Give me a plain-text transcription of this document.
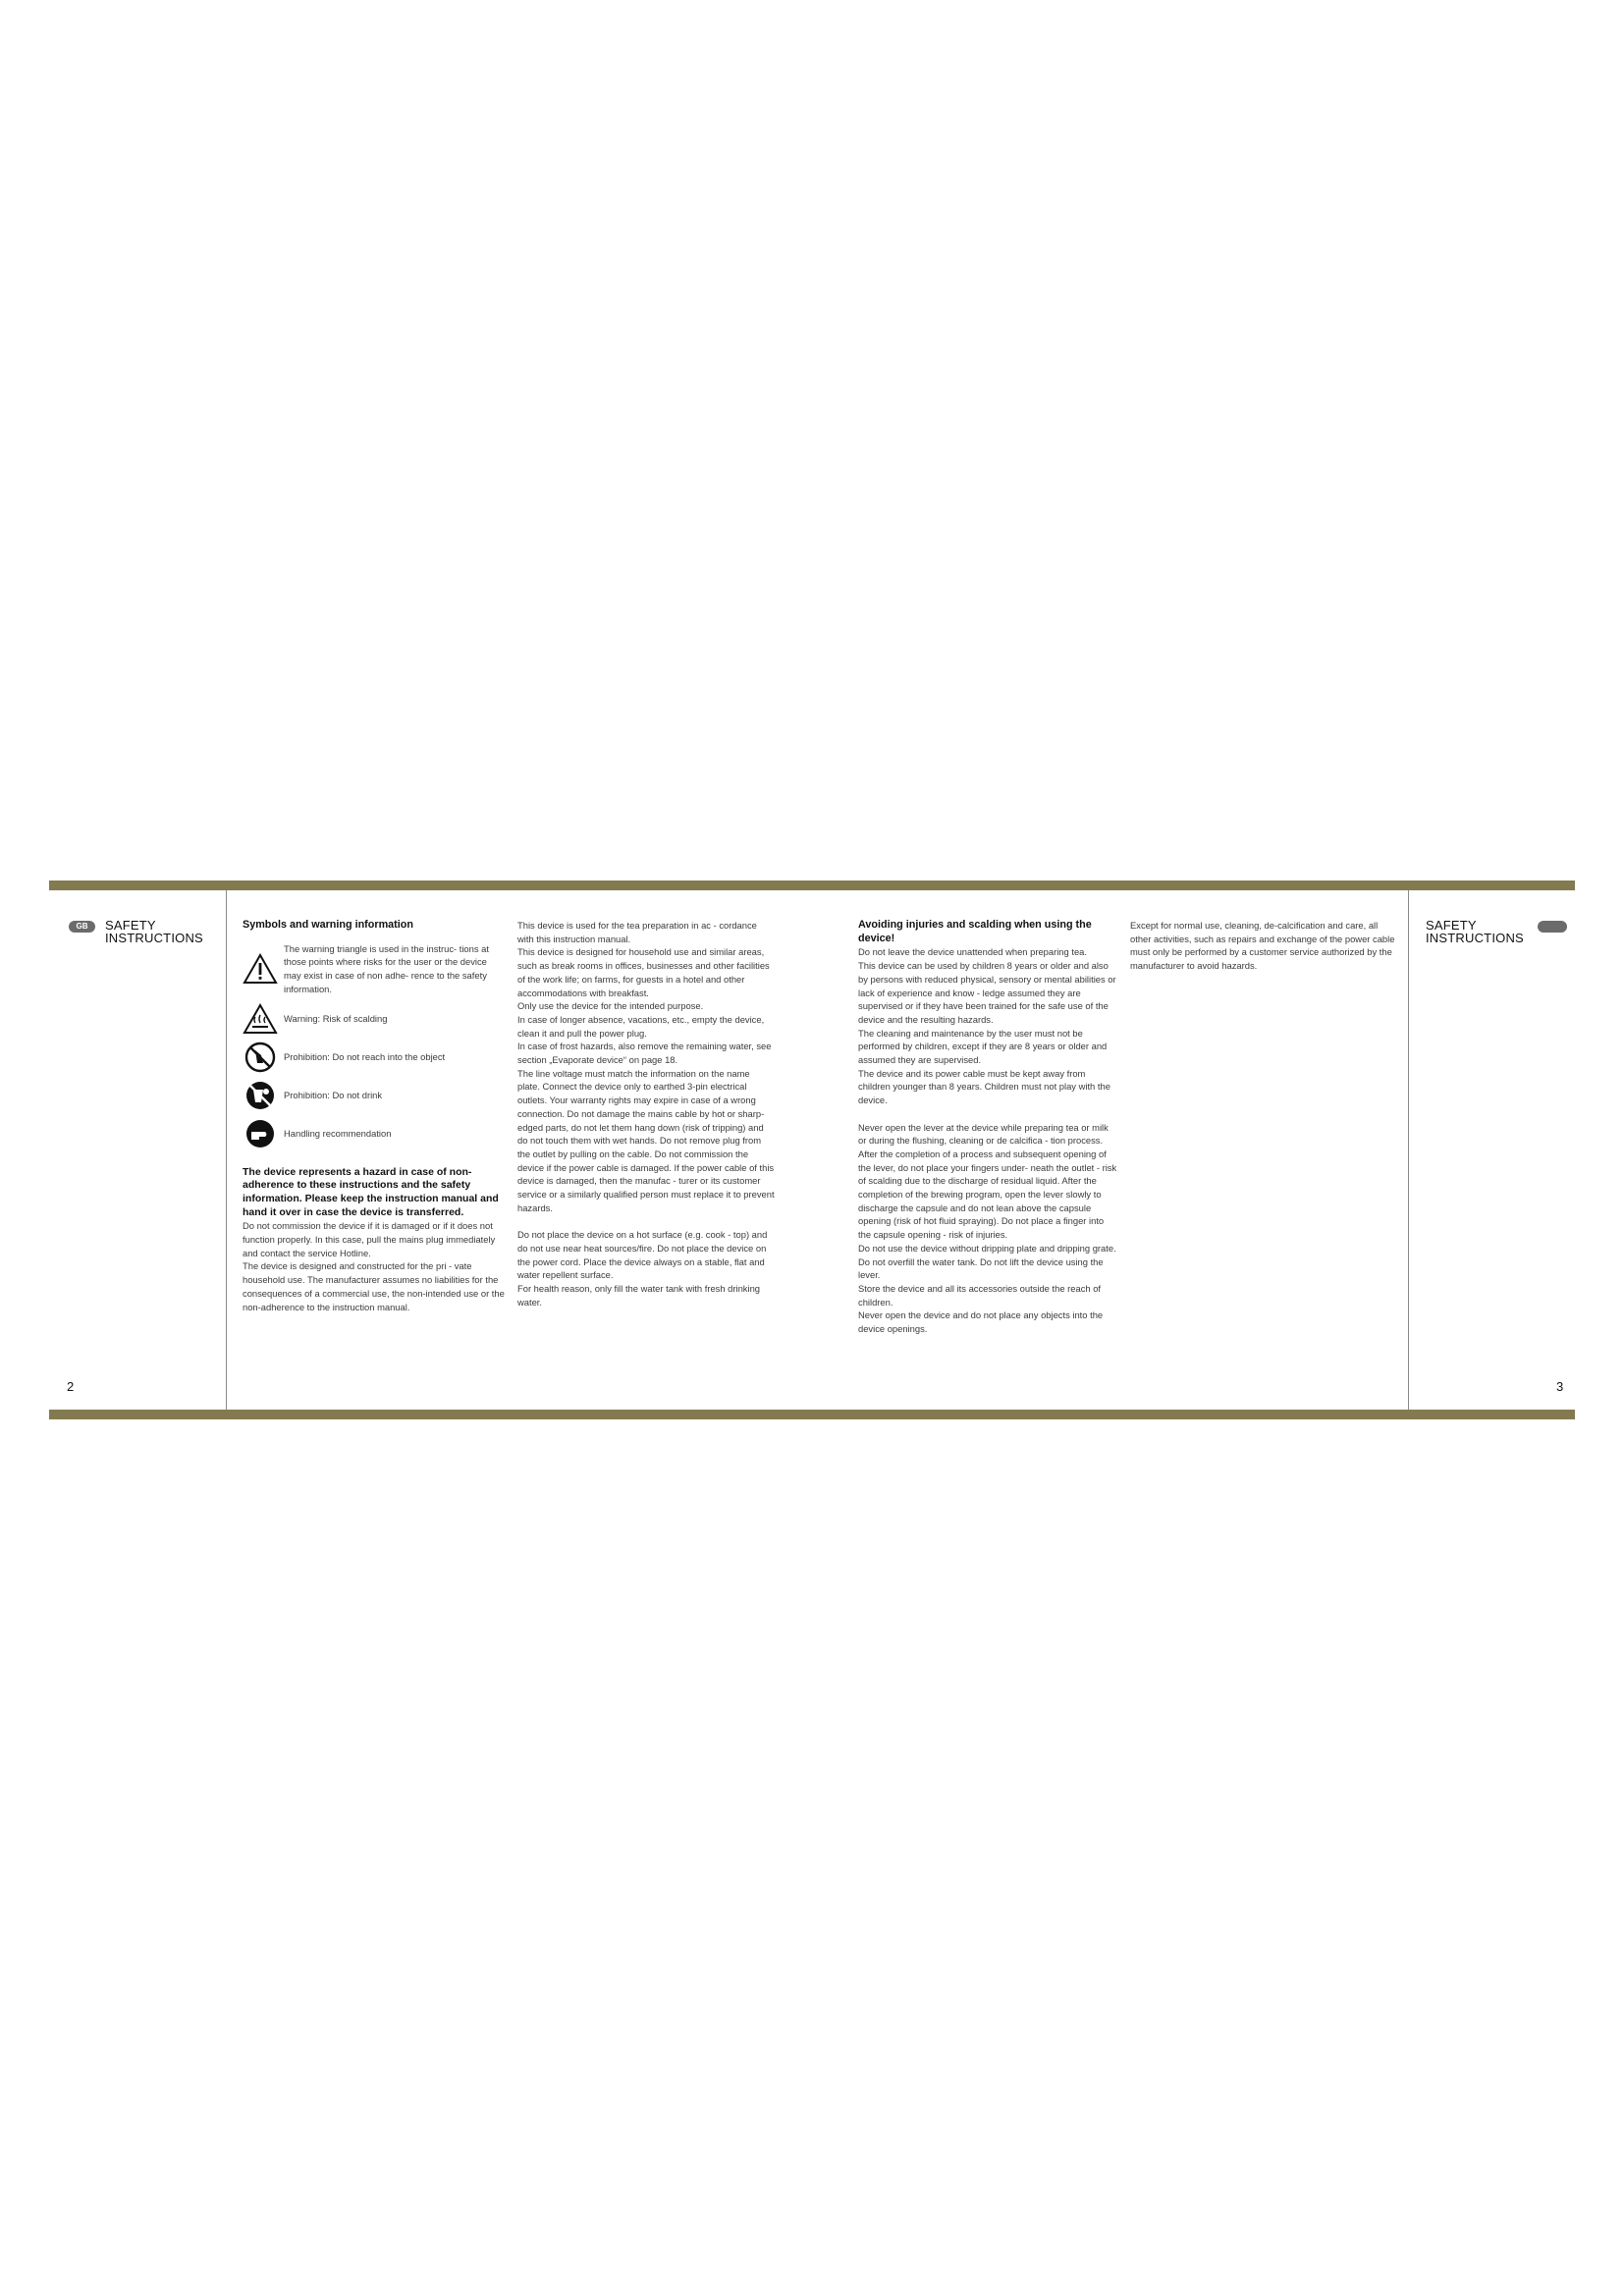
GB	SAFETY
INSTRUCTIONS
2
SAFETY
INSTRUCTIONS
3
Symbols and warning information
The warning triangle is used in the instruc- tions at those points where risks for the user or the device may exist in case of non adhe- rence to the safety information.
Warning: Risk of scalding
Prohibition: Do not reach into the object
Prohibition: Do not drink
Handling recommendation

The device represents a hazard in case of non-adherence to these instructions and the safety information. Please keep the instruction manual and hand it over in case the device is transferred.

Do not commission the device if it is damaged or if it does not function properly. In this case, pull the mains plug immediately and contact the service Hotline.

The device is designed and constructed for the pri - vate household use. The manufacturer assumes no liabilities for the consequences of a commercial use, the non-intended use or the non-adherence to the instruction manual.

This device is used for the tea preparation in ac - cordance with this instruction manual.

This device is designed for household use and similar areas, such as break rooms in offices, businesses and other facilities of the work life; on farms, for guests in a hotel and other accommodations with breakfast.

Only use the device for the intended purpose.

In case of longer absence, vacations, etc., empty the device, clean it and pull the power plug.

In case of frost hazards, also remove the remaining water, see section „Evaporate device“ on page 18.

The line voltage must match the information on the name plate. Connect the device only to earthed 3-pin electrical outlets. Your warranty rights may expire in case of a wrong connection. Do not damage the mains cable by hot or sharp-edged parts, do not let them hang down (risk of tripping) and do not touch them with wet hands. Do not remove plug from the outlet by pulling on the cable. Do not commission the device if the power cable is damaged. If the power cable of this device is damaged, then the manufac - turer or its customer service or a similarly qualified person must replace it to prevent hazards.

Do not place the device on a hot surface (e.g. cook - top) and do not use near heat sources/fire. Do not place the device on the power cord. Place the device always on a stable, flat and water repellent surface.

For health reason, only fill the water tank with fresh drinking water.

Avoiding injuries and scalding when using the device!

Do not leave the device unattended when preparing tea.

This device can be used by children 8 years or older and also by persons with reduced physical, sensory or mental abilities or lack of experience and know - ledge assumed they are supervised or if they have been trained for the safe use of the device and the resulting hazards.

The cleaning and maintenance by the user must not be performed by children, except if they are 8 years or older and assumed they are supervised.

The device and its power cable must be kept away from children younger than 8 years. Children must not play with the device.

Never open the lever at the device while preparing tea or milk or during the flushing, cleaning or de calcifica - tion process.

After the completion of a process and subsequent opening of the lever, do not place your fingers under- neath the outlet - risk of scalding due to the discharge of residual liquid. After the completion of the brewing program, open the lever slowly to discharge the capsule and do not lean above the capsule opening (risk of hot fluid spraying). Do not place a finger into the capsule opening - risk of injuries.

Do not use the device without dripping plate and dripping grate. Do not overfill the water tank. Do not lift the device using the lever.

Store the device and all its accessories outside the reach of children.

Never open the device and do not place any objects into the device openings.

Except for normal use, cleaning, de-calcification and care, all other activities, such as repairs and exchange of the power cable must only be performed by a customer service authorized by the manufacturer to avoid hazards.
